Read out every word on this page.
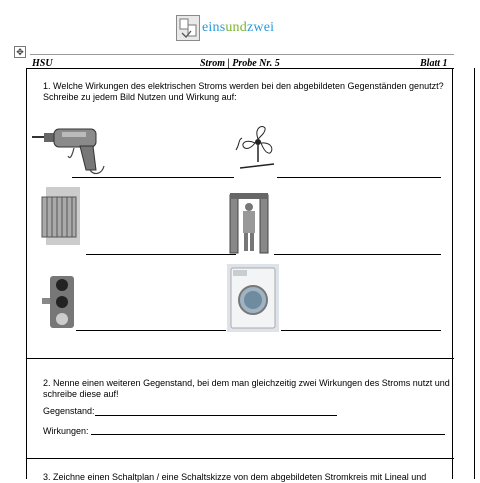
einsundzwei
✥
HSU	Strom | Probe Nr. 5	Blatt 1
1. Welche Wirkungen des elektrischen Stroms werden bei den abgebildeten Gegenständen genutzt? Schreibe zu jedem Bild Nutzen und Wirkung auf:
2. Nenne einen weiteren Gegenstand, bei dem man gleichzeitig zwei Wirkungen des Stroms nutzt und schreibe diese auf!
Gegenstand:
Wirkungen:
3. Zeichne einen Schaltplan / eine Schaltskizze von dem abgebildeten Stromkreis mit Lineal und
